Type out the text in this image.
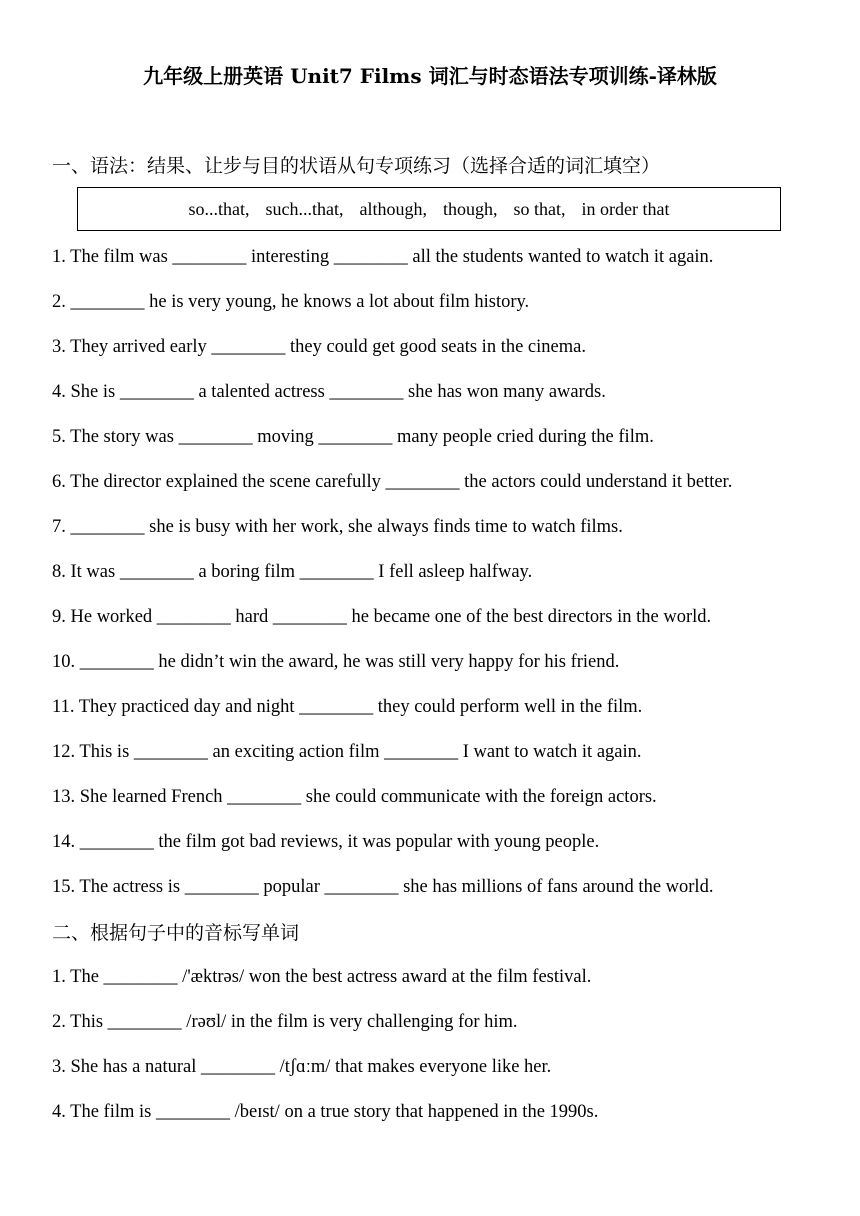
九年级上册英语 Unit7 Films 词汇与时态语法专项训练-译林版
一、语法：结果、让步与目的状语从句专项练习（选择合适的词汇填空）
so...that, such...that, although, though, so that, in order that
1. The film was ________ interesting ________ all the students wanted to watch it again.
2. ________ he is very young, he knows a lot about film history.
3. They arrived early ________ they could get good seats in the cinema.
4. She is ________ a talented actress ________ she has won many awards.
5. The story was ________ moving ________ many people cried during the film.
6. The director explained the scene carefully ________ the actors could understand it better.
7. ________ she is busy with her work, she always finds time to watch films.
8. It was ________ a boring film ________ I fell asleep halfway.
9. He worked ________ hard ________ he became one of the best directors in the world.
10. ________ he didn’t win the award, he was still very happy for his friend.
11. They practiced day and night ________ they could perform well in the film.
12. This is ________ an exciting action film ________ I want to watch it again.
13. She learned French ________ she could communicate with the foreign actors.
14. ________ the film got bad reviews, it was popular with young people.
15. The actress is ________ popular ________ she has millions of fans around the world.
二、根据句子中的音标写单词
1. The ________ /'æktrəs/ won the best actress award at the film festival.
2. This ________ /rəʊl/ in the film is very challenging for him.
3. She has a natural ________ /tʃɑːm/ that makes everyone like her.
4. The film is ________ /beɪst/ on a true story that happened in the 1990s.
